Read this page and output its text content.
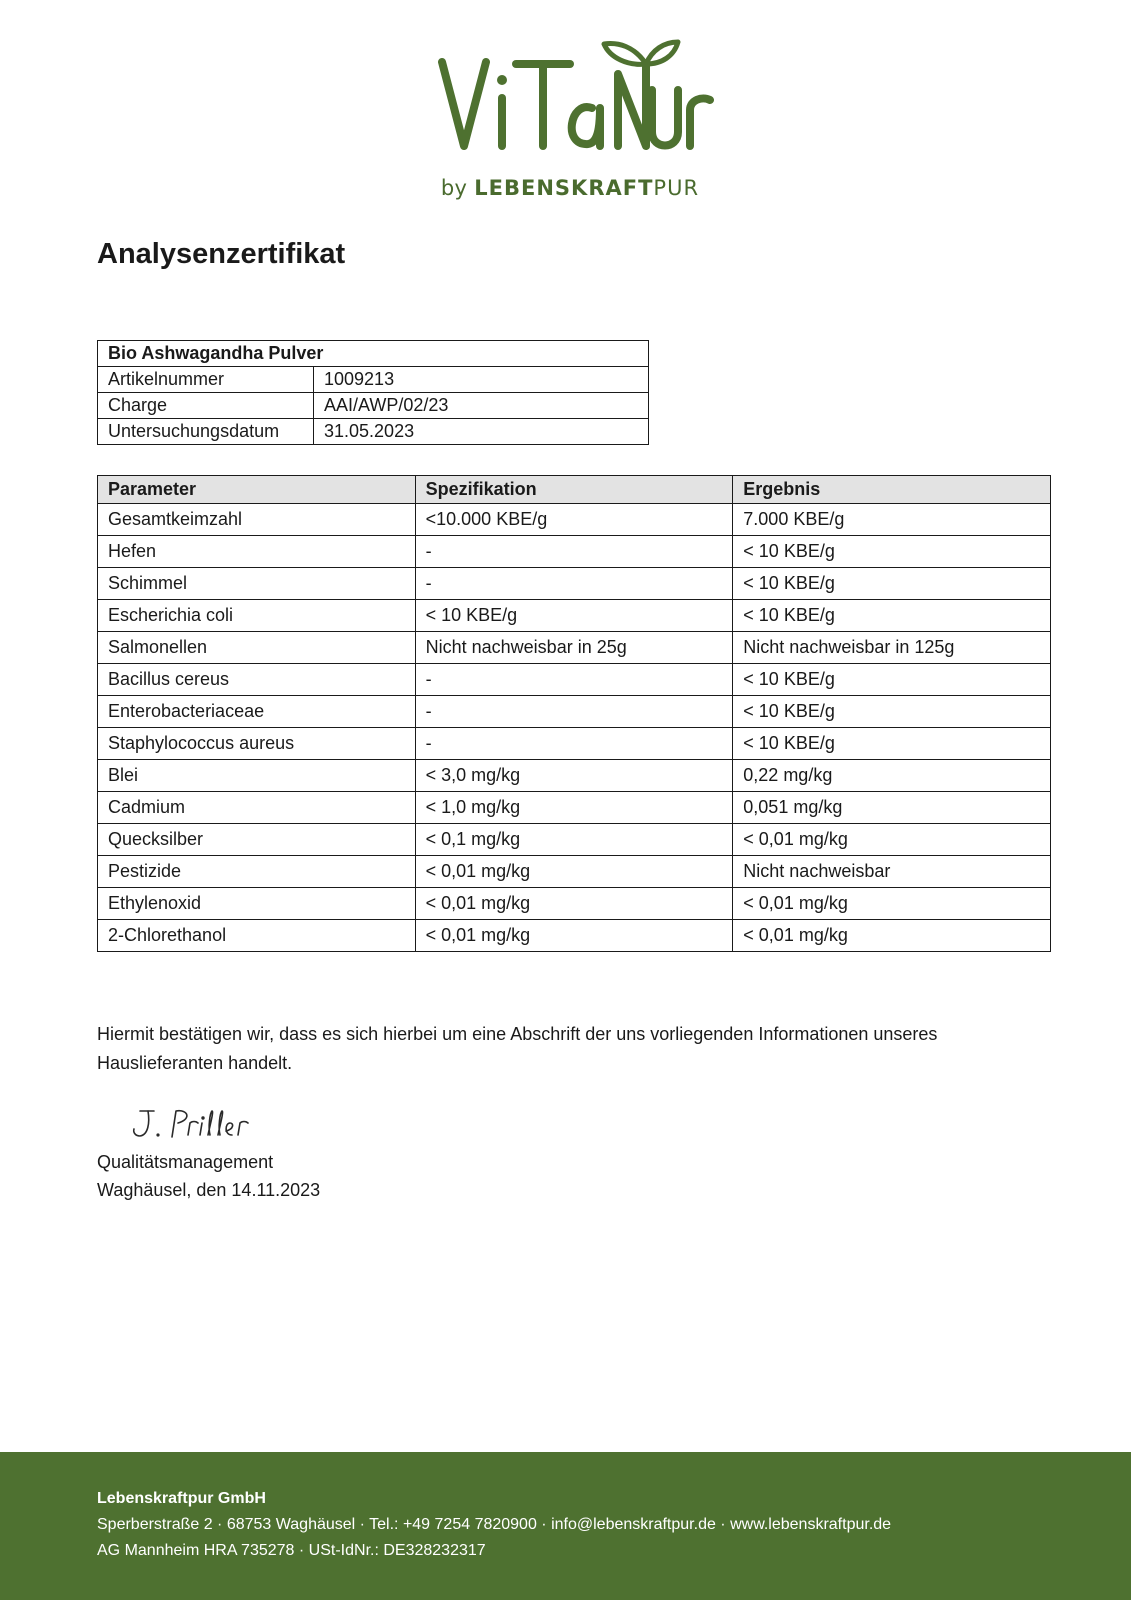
by LEBENSKRAFTPUR
Analysenzertifikat
Bio Ashwagandha Pulver	
Artikelnummer	1009213
Charge	AAI/AWP/02/23
Untersuchungsdatum	31.05.2023
Parameter	Spezifikation	Ergebnis
Gesamtkeimzahl	<10.000 KBE/g	7.000 KBE/g
Hefen	-	< 10 KBE/g
Schimmel	-	< 10 KBE/g
Escherichia coli	< 10 KBE/g	< 10 KBE/g
Salmonellen	Nicht nachweisbar in 25g	Nicht nachweisbar in 125g
Bacillus cereus	-	< 10 KBE/g
Enterobacteriaceae	-	< 10 KBE/g
Staphylococcus aureus	-	< 10 KBE/g
Blei	< 3,0 mg/kg	0,22 mg/kg
Cadmium	< 1,0 mg/kg	0,051 mg/kg
Quecksilber	< 0,1 mg/kg	< 0,01 mg/kg
Pestizide	< 0,01 mg/kg	Nicht nachweisbar
Ethylenoxid	< 0,01 mg/kg	< 0,01 mg/kg
2-Chlorethanol	< 0,01 mg/kg	< 0,01 mg/kg

Hiermit bestätigen wir, dass es sich hierbei um eine Abschrift der uns vorliegenden Informationen unseres Hauslieferanten handelt.

Qualitätsmanagement
Waghäusel, den 14.11.2023
Lebenskraftpur GmbH
Sperberstraße 2 · 68753 Waghäusel · Tel.: +49 7254 7820900 · info@lebenskraftpur.de · www.lebenskraftpur.de
AG Mannheim HRA 735278 · USt-IdNr.: DE328232317
